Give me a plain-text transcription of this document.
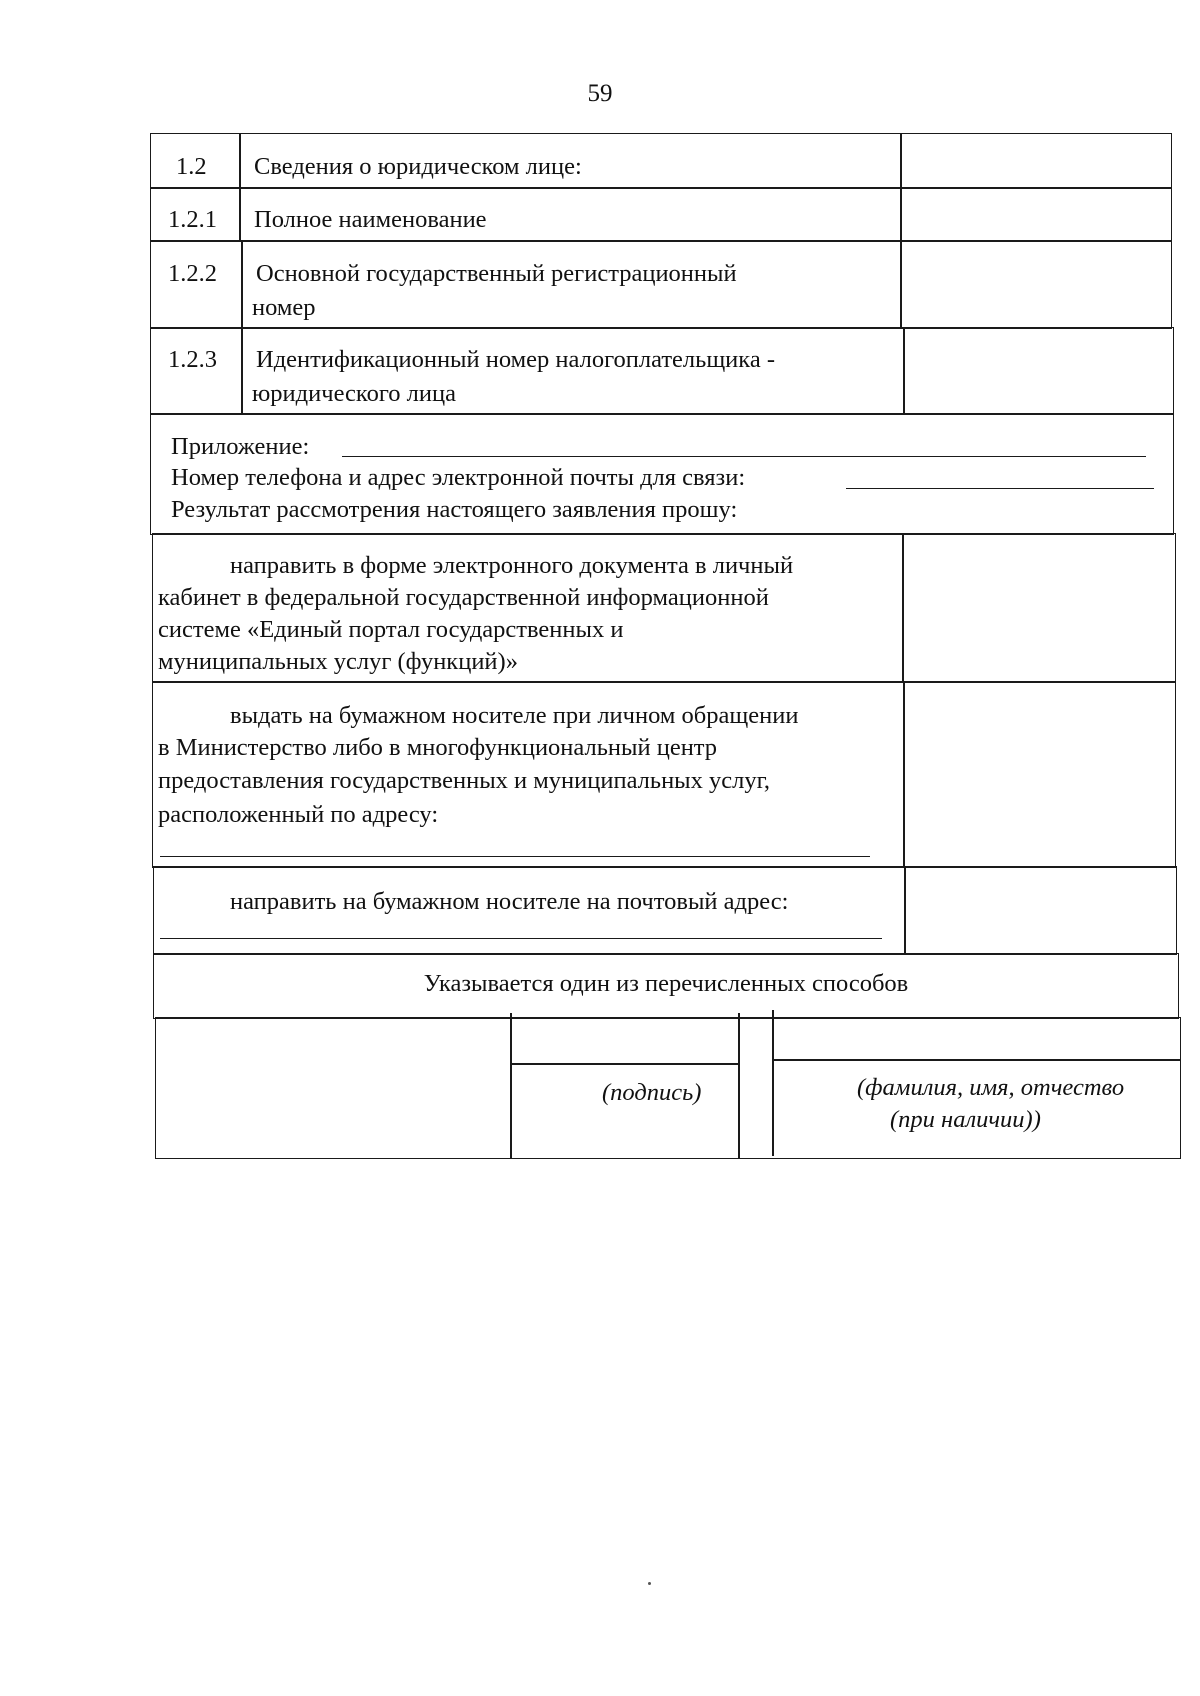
59
1.2 Сведения о юридическом лице:
1.2.1 Полное наименование
1.2.2 Основной государственный регистрационный
номер
1.2.3 Идентификационный номер налогоплательщика -
юридического лица
Приложение:
Номер телефона и адрес электронной почты для связи:
Результат рассмотрения настоящего заявления прошу:
направить в форме электронного документа в личный
кабинет в федеральной государственной информационной
системе «Единый портал государственных и
муниципальных услуг (функций)»
выдать на бумажном носителе при личном обращении
в Министерство либо в многофункциональный центр
предоставления государственных и муниципальных услуг,
расположенный по адресу:
направить на бумажном носителе на почтовый адрес:
Указывается один из перечисленных способов
(подпись)	(фамилия, имя, отчество
(при наличии))
